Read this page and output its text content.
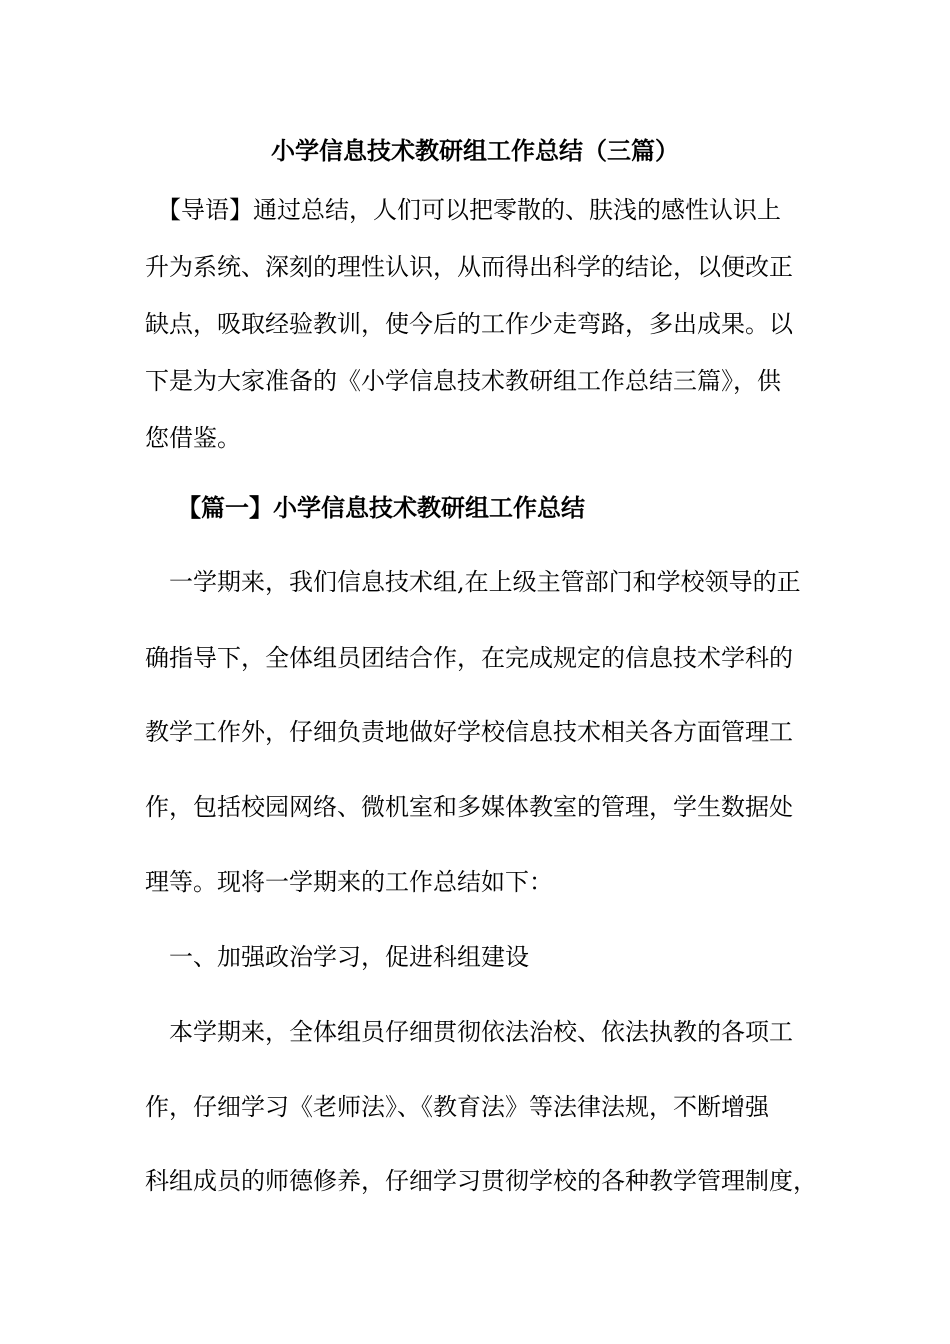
小学信息技术教研组工作总结（三篇）
　【导语】通过总结，人们可以把零散的、肤浅的感性认识上
升为系统、深刻的理性认识，从而得出科学的结论，以便改正
缺点，吸取经验教训，使今后的工作少走弯路，多出成果。以
下是为大家准备的《小学信息技术教研组工作总结三篇》，供
您借鉴。
　【篇一】小学信息技术教研组工作总结
　一学期来，我们信息技术组,在上级主管部门和学校领导的正
确指导下，全体组员团结合作，在完成规定的信息技术学科的
教学工作外，仔细负责地做好学校信息技术相关各方面管理工
作，包括校园网络、微机室和多媒体教室的管理，学生数据处
理等。现将一学期来的工作总结如下：
　一、加强政治学习，促进科组建设
　本学期来，全体组员仔细贯彻依法治校、依法执教的各项工
作，仔细学习《老师法》、《教育法》等法律法规，不断增强
科组成员的师德修养，仔细学习贯彻学校的各种教学管理制度，
